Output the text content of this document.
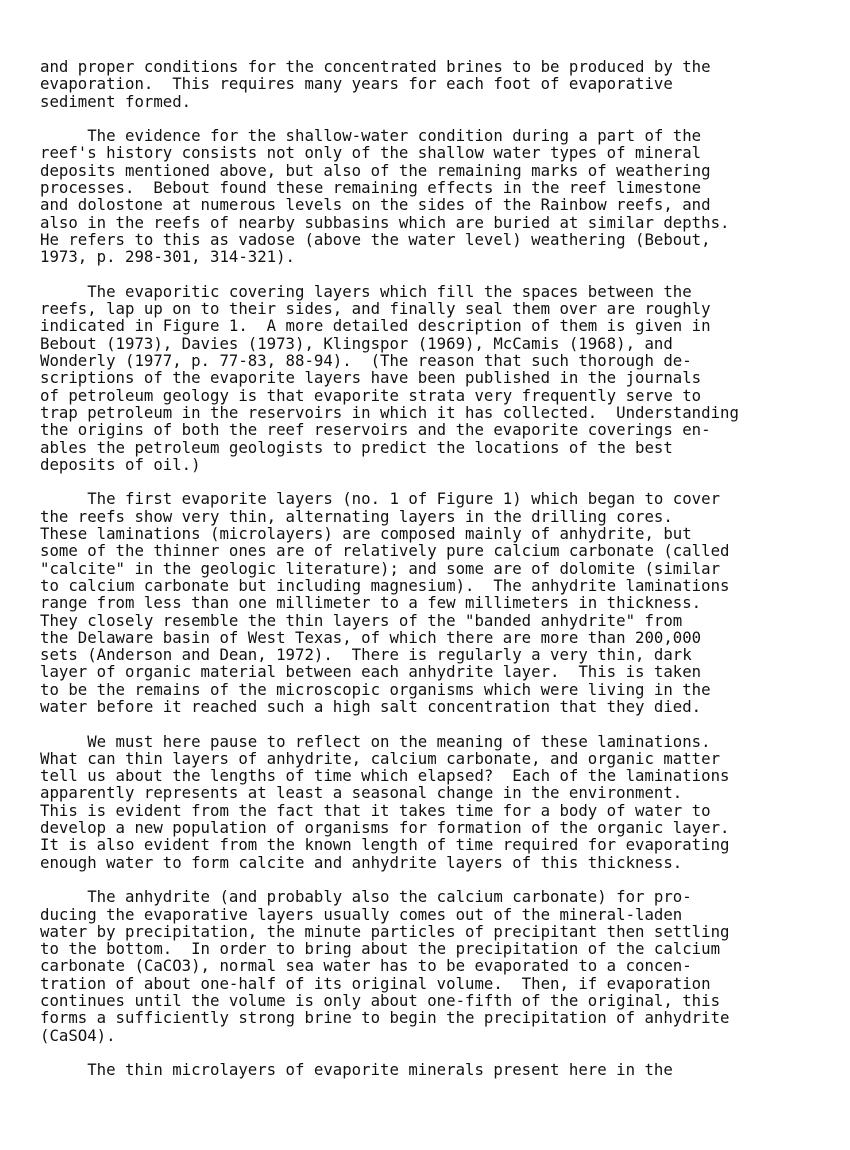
and proper conditions for the concentrated brines to be produced by the
evaporation.  This requires many years for each foot of evaporative
sediment formed.
The evidence for the shallow-water condition during a part of the
reef's history consists not only of the shallow water types of mineral
deposits mentioned above, but also of the remaining marks of weathering
processes.  Bebout found these remaining effects in the reef limestone
and dolostone at numerous levels on the sides of the Rainbow reefs, and
also in the reefs of nearby subbasins which are buried at similar depths.
He refers to this as vadose (above the water level) weathering (Bebout,
1973, p. 298-301, 314-321).
The evaporitic covering layers which fill the spaces between the
reefs, lap up on to their sides, and finally seal them over are roughly
indicated in Figure 1.  A more detailed description of them is given in
Bebout (1973), Davies (1973), Klingspor (1969), McCamis (1968), and
Wonderly (1977, p. 77-83, 88-94).  (The reason that such thorough de-
scriptions of the evaporite layers have been published in the journals
of petroleum geology is that evaporite strata very frequently serve to
trap petroleum in the reservoirs in which it has collected.  Understanding
the origins of both the reef reservoirs and the evaporite coverings en-
ables the petroleum geologists to predict the locations of the best
deposits of oil.)
The first evaporite layers (no. 1 of Figure 1) which began to cover
the reefs show very thin, alternating layers in the drilling cores.
These laminations (microlayers) are composed mainly of anhydrite, but
some of the thinner ones are of relatively pure calcium carbonate (called
"calcite" in the geologic literature); and some are of dolomite (similar
to calcium carbonate but including magnesium).  The anhydrite laminations
range from less than one millimeter to a few millimeters in thickness.
They closely resemble the thin layers of the "banded anhydrite" from
the Delaware basin of West Texas, of which there are more than 200,000
sets (Anderson and Dean, 1972).  There is regularly a very thin, dark
layer of organic material between each anhydrite layer.  This is taken
to be the remains of the microscopic organisms which were living in the
water before it reached such a high salt concentration that they died.
We must here pause to reflect on the meaning of these laminations.
What can thin layers of anhydrite, calcium carbonate, and organic matter
tell us about the lengths of time which elapsed?  Each of the laminations
apparently represents at least a seasonal change in the environment.
This is evident from the fact that it takes time for a body of water to
develop a new population of organisms for formation of the organic layer.
It is also evident from the known length of time required for evaporating
enough water to form calcite and anhydrite layers of this thickness.
The anhydrite (and probably also the calcium carbonate) for pro-
ducing the evaporative layers usually comes out of the mineral-laden
water by precipitation, the minute particles of precipitant then settling
to the bottom.  In order to bring about the precipitation of the calcium
carbonate (CaCO3), normal sea water has to be evaporated to a concen-
tration of about one-half of its original volume.  Then, if evaporation
continues until the volume is only about one-fifth of the original, this
forms a sufficiently strong brine to begin the precipitation of anhydrite
(CaSO4).
The thin microlayers of evaporite minerals present here in the
